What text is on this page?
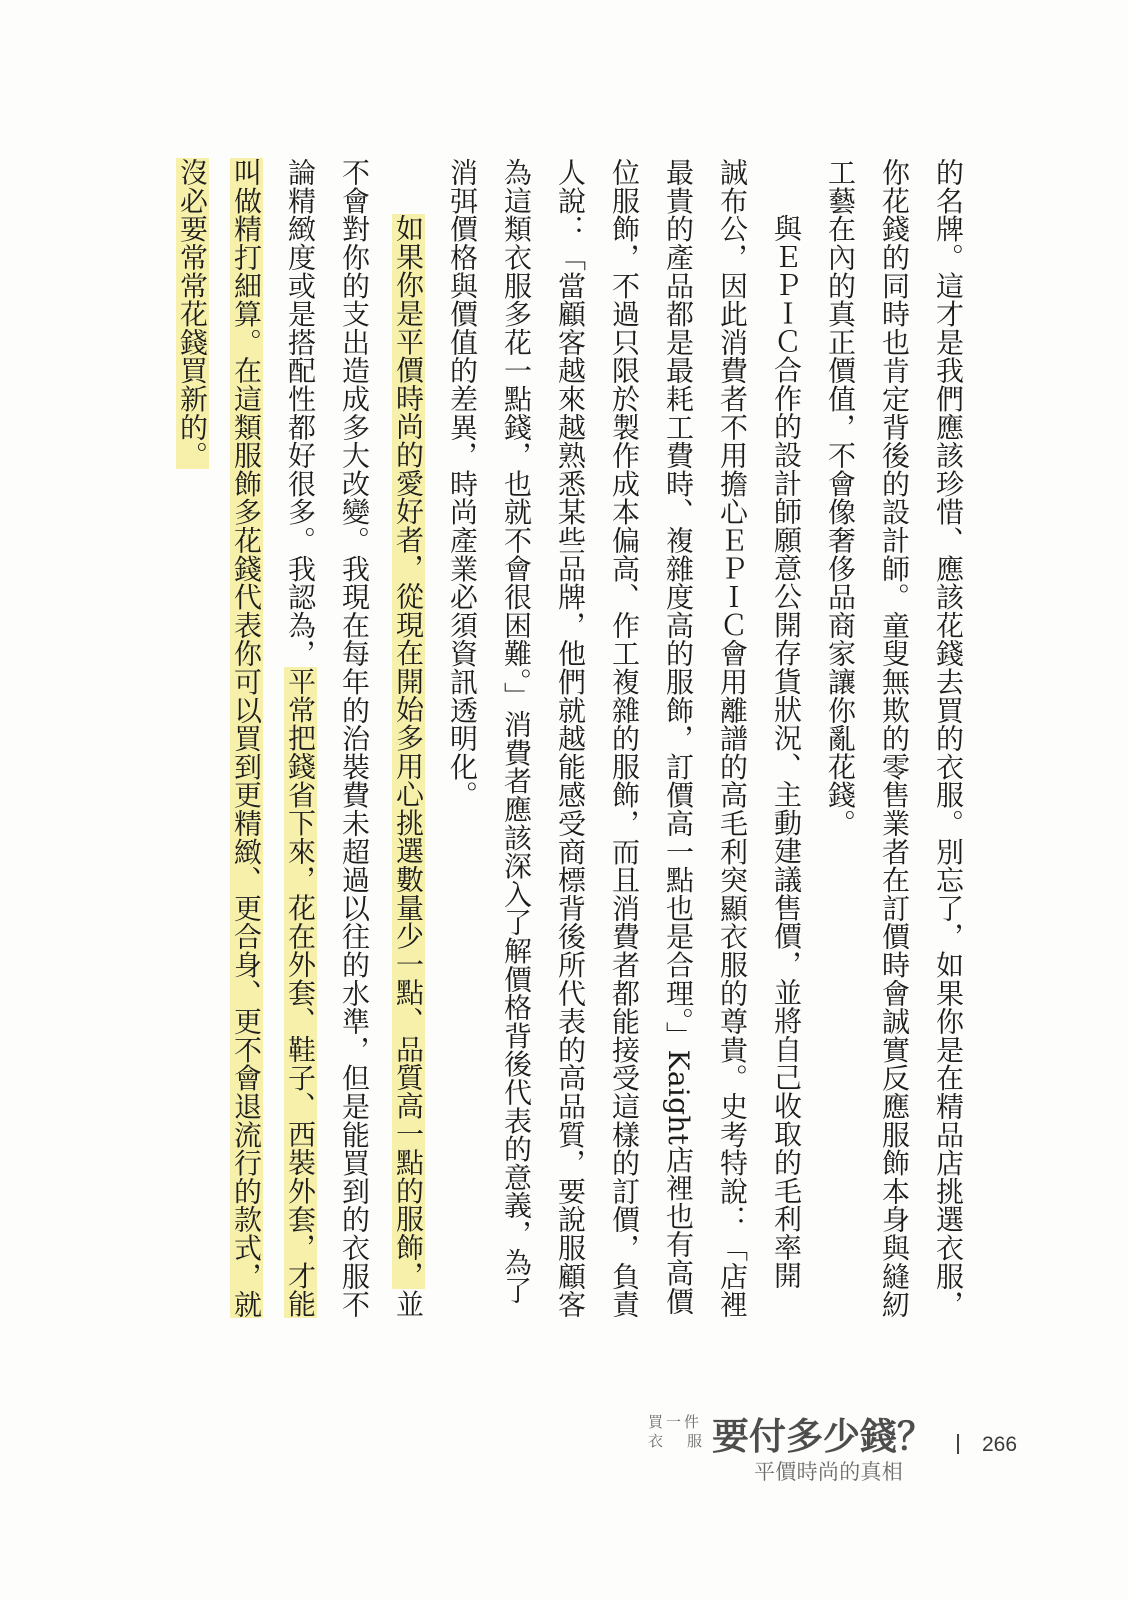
的名牌。這才是我們應該珍惜、應該花錢去買的衣服。別忘了，如果你是在精品店挑選衣服，
你花錢的同時也肯定背後的設計師。童叟無欺的零售業者在訂價時會誠實反應服飾本身與縫紉
工藝在內的真正價值，不會像奢侈品商家讓你亂花錢。
與ＥＰＩＣ合作的設計師願意公開存貨狀況、主動建議售價，並將自己收取的毛利率開
誠布公，因此消費者不用擔心ＥＰＩＣ會用離譜的高毛利突顯衣服的尊貴。史考特說：「店裡
最貴的產品都是最耗工費時、複雜度高的服飾，訂價高一點也是合理。」Kaight店裡也有高價
位服飾，不過只限於製作成本偏高、作工複雜的服飾，而且消費者都能接受這樣的訂價，負責
人說：「當顧客越來越熟悉某些品牌，他們就越能感受商標背後所代表的高品質，要說服顧客
為這類衣服多花一點錢，也就不會很困難。」消費者應該深入了解價格背後代表的意義，為了
消弭價格與價值的差異，時尚產業必須資訊透明化。
如果你是平價時尚的愛好者，從現在開始多用心挑選數量少一點、品質高一點的服飾，並
不會對你的支出造成多大改變。我現在每年的治裝費未超過以往的水準，但是能買到的衣服不
論精緻度或是搭配性都好很多。我認為，平常把錢省下來，花在外套、鞋子、西裝外套，才能
叫做精打細算。在這類服飾多花錢代表你可以買到更精緻、更合身、更不會退流行的款式，就
沒必要常常花錢買新的。
買一件
衣 服 要付多少錢？ 266
平價時尚的真相
